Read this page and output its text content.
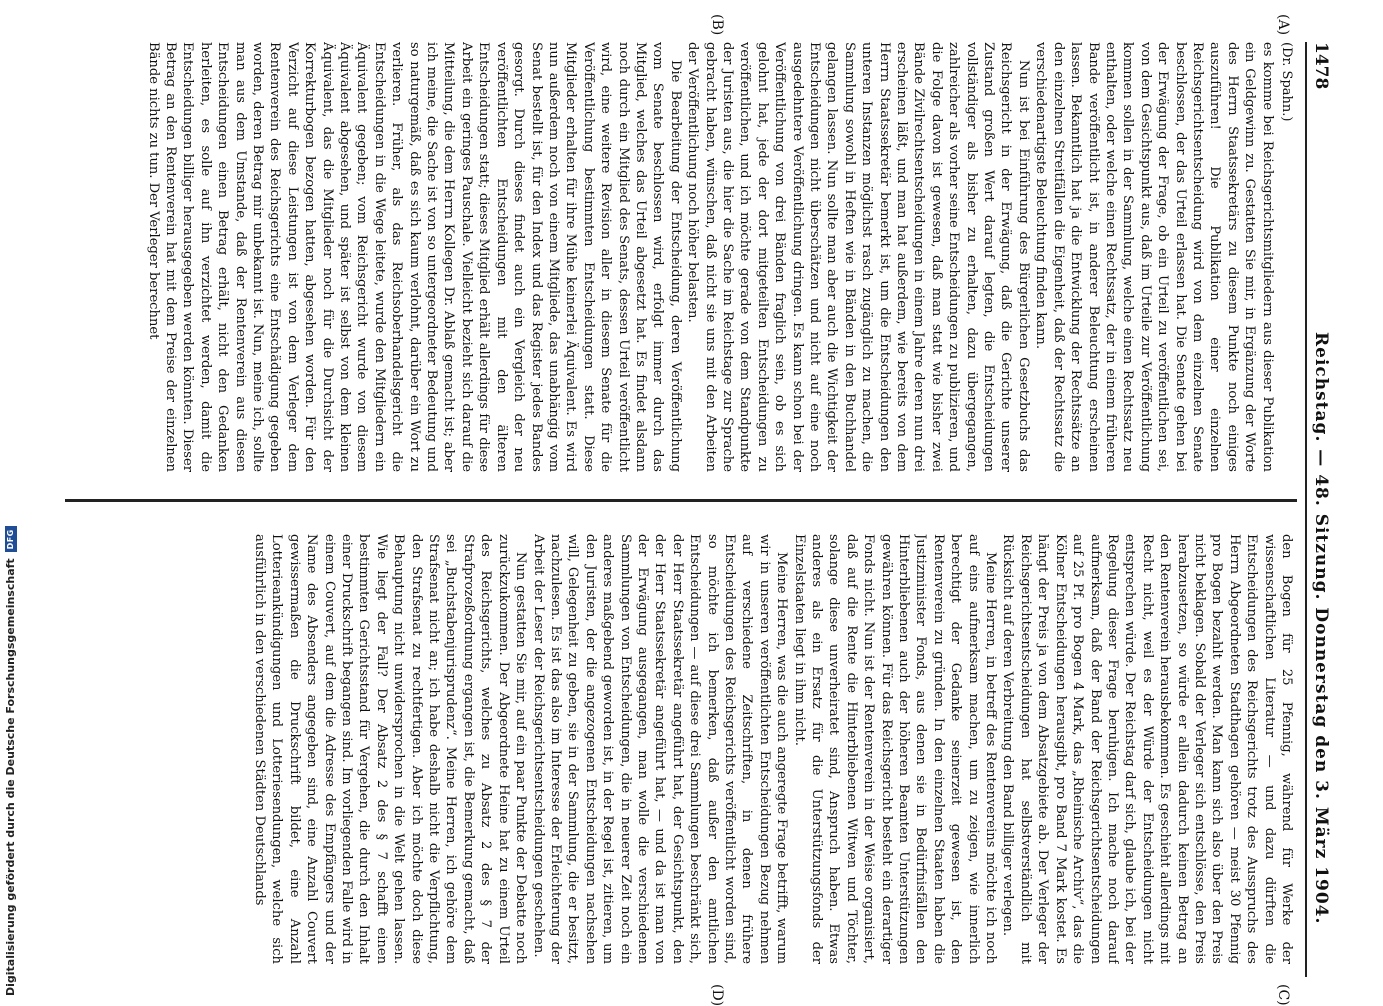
1478
Reichstag. — 48. Sitzung. Donnerstag den 3. März 1904.
(A)
(B)
(C)
(D)
(Dr. Spahn.)

es komme bei Reichsgerichtsmitgliedern aus dieser Publikation ein Geldgewinn zu. Gestatten Sie mir, in Ergänzung der Worte des Herrn Staatssekretärs zu diesem Punkte noch einiges auszuführen! Die Publikation einer einzelnen Reichsgerichtsentscheidung wird von dem einzelnen Senate beschlossen, der das Urteil erlassen hat. Die Senate gehen bei der Erwägung der Frage, ob ein Urteil zu veröffentlichen sei, von dem Gesichtspunkt aus, daß im Urteile zur Veröffentlichung kommen sollen in der Sammlung, welche einen Rechtssatz neu enthalten, oder welche einen Rechtssatz, der in einem früheren Bande veröffentlicht ist, in anderer Beleuchtung erscheinen lassen. Bekanntlich hat ja die Entwicklung der Rechtssätze an den einzelnen Streitfällen die Eigenheit, daß der Rechtssatz die verschiedenartigste Beleuchtung finden kann.

Nun ist bei Einführung des Bürgerlichen Gesetzbuchs das Reichsgericht in der Erwägung, daß die Gerichte unserer Zustand großen Wert darauf legten, die Entscheidungen vollständiger als bisher zu erhalten, dazu übergegangen, zahlreicher als vorher seine Entscheidungen zu publizieren, und die Folge davon ist gewesen, daß man statt wie bisher zwei Bände Zivilrechtsentscheidungen in einem Jahre deren nun drei erscheinen läßt, und man hat außerdem, wie bereits von dem Herrn Staatssekretär bemerkt ist, um die Entscheidungen den unteren Instanzen möglichst rasch zugänglich zu machen, die Sammlung sowohl in Heften wie in Bänden in den Buchhandel gelangen lassen. Nun sollte man aber auch die Wichtigkeit der Entscheidungen nicht überschätzen und nicht auf eine noch ausgedehntere Veröffentlichung dringen. Es kann schon bei der Veröffentlichung von drei Bänden fraglich sein, ob es sich gelohnt hat, jede der dort mitgeteilten Entscheidungen zu veröffentlichen, und ich möchte gerade von dem Standpunkte der Juristen aus, die hier die Sache im Reichstage zur Sprache gebracht haben, wünschen, daß nicht sie uns mit den Arbeiten der Veröffentlichung noch höher belasten.

Die Bearbeitung der Entscheidung, deren Veröffentlichung vom Senate beschlossen wird, erfolgt immer durch das Mitglied, welches das Urteil abgesetzt hat. Es findet alsdann noch durch ein Mitglied des Senats, dessen Urteil veröffentlicht wird, eine weitere Revision aller in diesem Senate für die Veröffentlichung bestimmten Entscheidungen statt. Diese Mitglieder erhalten für ihre Mühe keinerlei Äquivalent. Es wird nun außerdem noch von einem Mitgliede, das unabhängig vom Senat bestellt ist, für den Index und das Register jedes Bandes gesorgt. Durch dieses findet auch ein Vergleich der neu veröffentlichten Entscheidungen mit den älteren Entscheidungen statt; dieses Mitglied erhält allerdings für diese Arbeit ein geringes Pauschale. Vielleicht bezieht sich darauf die Mitteilung, die dem Herrn Kollegen Dr. Ablaß gemacht ist; aber ich meine, die Sache ist von so untergeordneter Bedeutung und so naturgemäß, daß es sich kaum verlohnt, darüber ein Wort zu verlieren. Früher, als das Reichsoberhandelsgericht die Entscheidungen in die Wege leitete, wurde den Mitgliedern ein Äquivalent gegeben; vom Reichsgericht wurde von diesem Äquivalent abgesehen, und später ist selbst von dem kleinen Äquivalent, das die Mitglieder noch für die Durchsicht der Korrekturbogen bezogen hatten, abgesehen worden. Für den Verzicht auf diese Leistungen ist von dem Verleger dem Rentenverein des Reichsgerichts eine Entschädigung gegeben worden, deren Betrag mir unbekannt ist. Nun, meine ich, sollte man aus dem Umstande, daß der Rentenverein aus diesen Entscheidungen einen Betrag erhält, nicht den Gedanken herleiten, es solle auf ihn verzichtet werden, damit die Entscheidungen billiger herausgegeben werden könnten. Dieser Betrag an den Rentenverein hat mit dem Preise der einzelnen Bände nichts zu tun. Der Verleger berechnet

den Bogen für 25 Pfennig, während für Werke der wissenschaftlichen Literatur — und dazu dürften die Entscheidungen des Reichsgerichts trotz des Ausspruchs des Herrn Abgeordneten Stadthagen gehören — meist 30 Pfennig pro Bogen bezahlt werden. Man kann sich also über den Preis nicht beklagen. Sobald der Verleger sich entschlösse, den Preis herabzusetzen, so würde er allein dadurch keinen Betrag an den Rentenverein herausbekommen. Es geschieht allerdings mit Recht nicht, weil es der Würde der Entscheidungen nicht entsprechen würde. Der Reichstag darf sich, glaube ich, bei der Regelung dieser Frage beruhigen. Ich mache noch darauf aufmerksam, daß der Band der Reichsgerichtsentscheidungen auf 25 Pf. pro Bogen 4 Mark, das „Rheinische Archiv“, das die Kölner Entscheidungen herausgibt, pro Band 7 Mark kostet. Es hängt der Preis ja von dem Absatzgebiete ab. Der Verleger der Reichsgerichtsentscheidungen hat selbstverständlich mit Rücksicht auf deren Verbreitung den Band billiger verlegen.

Meine Herren, in betreff des Rentenvereins möchte ich noch auf eins aufmerksam machen, um zu zeigen, wie innerlich berechtigt der Gedanke seinerzeit gewesen ist, den Rentenverein zu gründen. In den einzelnen Staaten haben die Justizminister Fonds, aus denen sie in Bedürfnisfällen den Hinterbliebenen auch der höheren Beamten Unterstützungen gewähren können. Für das Reichsgericht besteht ein derartiger Fonds nicht. Nun ist der Rentenverein in der Weise organisiert, daß auf die Rente die Hinterbliebenen Witwen und Töchter, solange diese unverheiratet sind, Anspruch haben. Etwas anderes als ein Ersatz für die Unterstützungsfonds der Einzelstaaten liegt in ihm nicht.

Meine Herren, was die auch angeregte Frage betrifft, warum wir in unseren veröffentlichten Entscheidungen Bezug nehmen auf verschiedene Zeitschriften, in denen frühere Entscheidungen des Reichsgerichts veröffentlicht worden sind, so möchte ich bemerken, daß außer den amtlichen Entscheidungen — auf diese drei Sammlungen beschränkt sich, der Herr Staatssekretär angeführt hat, der Gesichtspunkt, den der Herr Staatssekretär angeführt hat, — und da ist man von der Erwägung ausgegangen, man wolle die verschiedenen Sammlungen von Entscheidungen, die in neuerer Zeit noch ein anderes maßgebend geworden ist, in der Regel ist, zitieren, um den Juristen, der die angezogenen Entscheidungen nachsehen will, Gelegenheit zu geben, sie in der Sammlung, die er besitzt, nachzulesen. Es ist das also im Interesse der Erleichterung der Arbeit der Leser der Reichsgerichtsentscheidungen geschehen.

Nun gestatten Sie mir, auf ein paar Punkte der Debatte noch zurückzukommen. Der Abgeordnete Heine hat zu einem Urteil des Reichsgerichts, welches zu Absatz 2 des § 7 der Strafprozeßordnung ergangen ist, die Bemerkung gemacht, daß sei „Buchstabenjurisprudenz“. Meine Herren, ich gehöre dem Strafsenat nicht an; ich habe deshalb nicht die Verpflichtung, den Strafsenat zu rechtfertigen. Aber ich möchte doch diese Behauptung nicht unwidersprochen in die Welt gehen lassen. Wie liegt der Fall? Der Absatz 2 des § 7 schafft einen bestimmten Gerichtsstand für Vergehen, die durch den Inhalt einer Druckschrift begangen sind. Im vorliegenden Falle wird in einem Couvert, auf dem die Adresse des Empfängers und der Name des Absenders angegeben sind, eine Anzahl Couvert gewissermaßen die Druckschrift bildet, eine Anzahl Lotterieankündigungen und Lotteriesendungen, welche sich ausführlich in den verschiedenen Städten Deutschlands

Digitalisierung gefördert durch die Deutsche Forschungsgemeinschaft
DFG
